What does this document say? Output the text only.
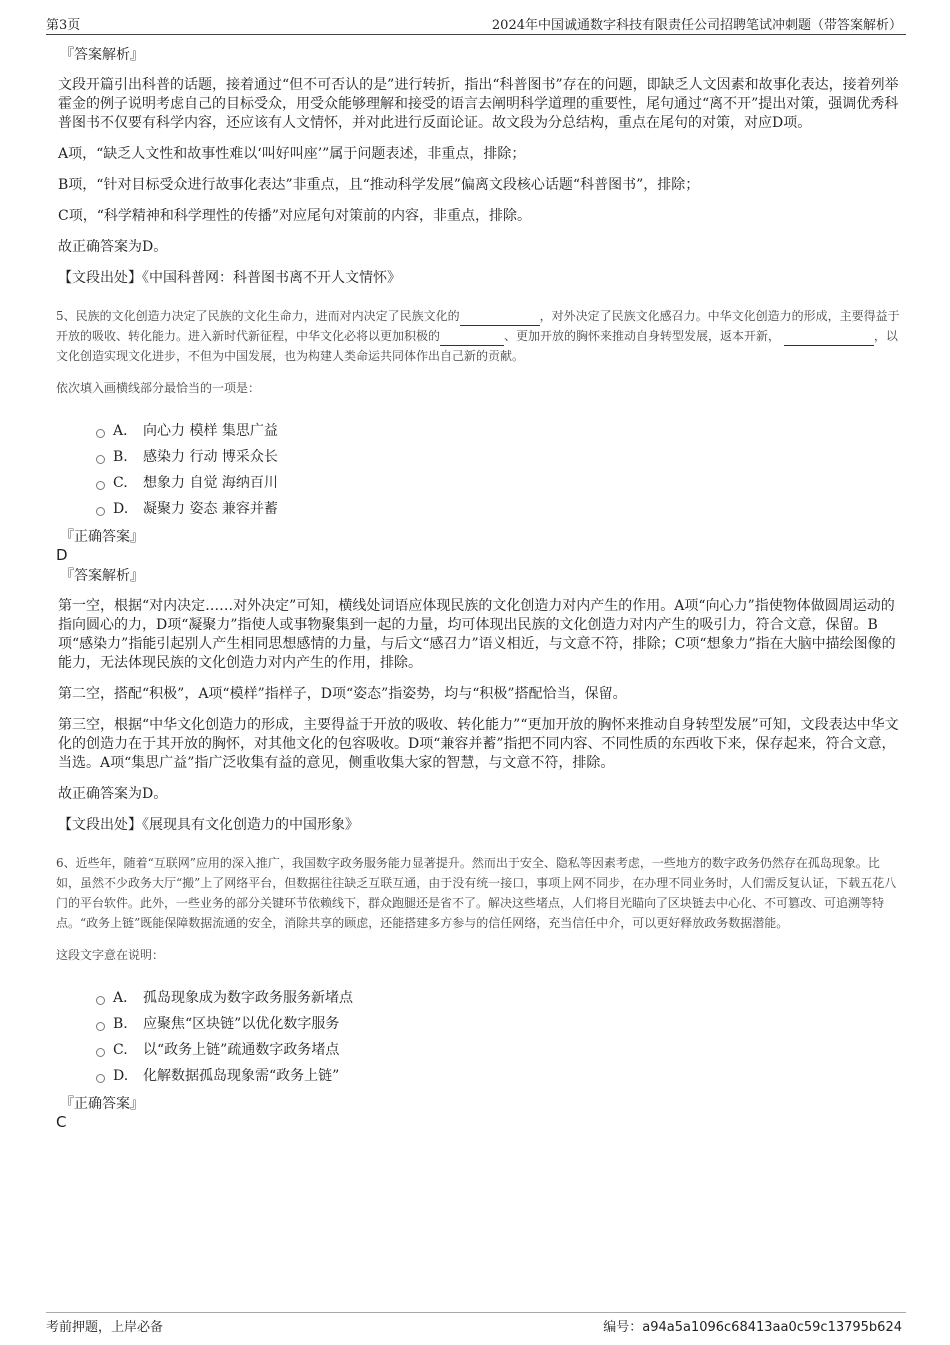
第3页	2024年中国诚通数字科技有限责任公司招聘笔试冲刺题（带答案解析）

『答案解析』

文段开篇引出科普的话题，接着通过“但不可否认的是”进行转折，指出“科普图书”存在的问题，即缺乏人文因素和故事化表达，接着列举霍金的例子说明考虑自己的目标受众，用受众能够理解和接受的语言去阐明科学道理的重要性，尾句通过“离不开”提出对策，强调优秀科普图书不仅要有科学内容，还应该有人文情怀，并对此进行反面论证。故文段为分总结构，重点在尾句的对策，对应D项。

A项，“缺乏人文性和故事性难以‘叫好叫座’”属于问题表述，非重点，排除；

B项，“针对目标受众进行故事化表达”非重点，且“推动科学发展”偏离文段核心话题“科普图书”，排除；

C项，“科学精神和科学理性的传播”对应尾句对策前的内容，非重点，排除。

故正确答案为D。

【文段出处】《中国科普网：科普图书离不开人文情怀》

5、民族的文化创造力决定了民族的文化生命力，进而对内决定了民族文化的	，对外决定了民族文化感召力。中华文化创造力的形成，主要得益于开放的吸收、转化能力。进入新时代新征程，中华文化必将以更加积极的	、更加开放的胸怀来推动自身转型发展，返本开新，	，以文化创造实现文化进步，不但为中国发展，也为构建人类命运共同体作出自己新的贡献。

依次填入画横线部分最恰当的一项是：

A． 向心力 模样 集思广益
B. 感染力 行动 博采众长
C. 想象力 自觉 海纳百川
D. 凝聚力 姿态 兼容并蓄

『正确答案』

D

『答案解析』

第一空，根据“对内决定……对外决定”可知，横线处词语应体现民族的文化创造力对内产生的作用。A项“向心力”指使物体做圆周运动的指向圆心的力，D项“凝聚力”指使人或事物聚集到一起的力量，均可体现出民族的文化创造力对内产生的吸引力，符合文意，保留。B项“感染力”指能引起别人产生相同思想感情的力量，与后文“感召力”语义相近，与文意不符，排除；C项“想象力”指在大脑中描绘图像的能力，无法体现民族的文化创造力对内产生的作用，排除。

第二空，搭配“积极”，A项“模样”指样子，D项“姿态”指姿势，均与“积极”搭配恰当，保留。

第三空，根据“中华文化创造力的形成，主要得益于开放的吸收、转化能力”“更加开放的胸怀来推动自身转型发展”可知，文段表达中华文化的创造力在于其开放的胸怀，对其他文化的包容吸收。D项“兼容并蓄”指把不同内容、不同性质的东西收下来，保存起来，符合文意，当选。A项“集思广益”指广泛收集有益的意见，侧重收集大家的智慧，与文意不符，排除。

故正确答案为D。

【文段出处】《展现具有文化创造力的中国形象》

6、近些年，随着“互联网”应用的深入推广，我国数字政务服务能力显著提升。然而出于安全、隐私等因素考虑，一些地方的数字政务仍然存在孤岛现象。比如，虽然不少政务大厅“搬”上了网络平台，但数据往往缺乏互联互通，由于没有统一接口，事项上网不同步，在办理不同业务时，人们需反复认证，下载五花八门的平台软件。此外，一些业务的部分关键环节依赖线下，群众跑腿还是省不了。解决这些堵点，人们将目光瞄向了区块链去中心化、不可篡改、可追溯等特点。“政务上链”既能保障数据流通的安全，消除共享的顾虑，还能搭建多方参与的信任网络，充当信任中介，可以更好释放政务数据潜能。

这段文字意在说明：

A． 孤岛现象成为数字政务服务新堵点
B. 应聚焦“区块链”以优化数字服务
C. 以“政务上链”疏通数字政务堵点
D. 化解数据孤岛现象需“政务上链”

『正确答案』

C

考前押题，上岸必备	编号：a94a5a1096c68413aa0c59c13795b624
